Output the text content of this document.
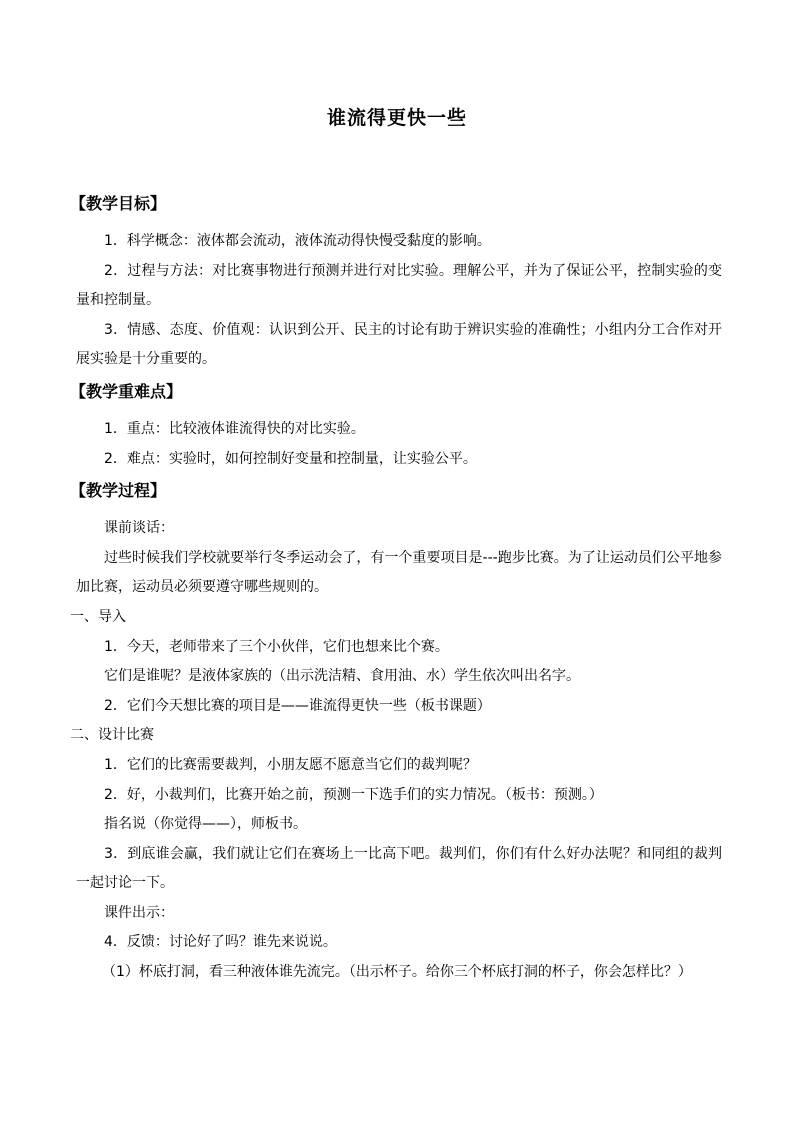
谁流得更快一些

【教学目标】

1．科学概念：液体都会流动，液体流动得快慢受黏度的影响。

2．过程与方法：对比赛事物进行预测并进行对比实验。理解公平，并为了保证公平，控制实验的变量和控制量。

3．情感、态度、价值观：认识到公开、民主的讨论有助于辨识实验的准确性；小组内分工合作对开展实验是十分重要的。

【教学重难点】

1．重点：比较液体谁流得快的对比实验。

2．难点：实验时，如何控制好变量和控制量，让实验公平。

【教学过程】

课前谈话：

过些时候我们学校就要举行冬季运动会了，有一个重要项目是---跑步比赛。为了让运动员们公平地参加比赛，运动员必须要遵守哪些规则的。

一、导入

1．今天，老师带来了三个小伙伴，它们也想来比个赛。

它们是谁呢？是液体家族的（出示洗洁精、食用油、水）学生依次叫出名字。

2．它们今天想比赛的项目是——谁流得更快一些（板书课题）

二、设计比赛

1．它们的比赛需要裁判，小朋友愿不愿意当它们的裁判呢？

2．好，小裁判们，比赛开始之前，预测一下选手们的实力情况。（板书：预测。）

指名说（你觉得——），师板书。

3．到底谁会赢，我们就让它们在赛场上一比高下吧。裁判们，你们有什么好办法呢？和同组的裁判一起讨论一下。

课件出示：

4．反馈：讨论好了吗？谁先来说说。

（1）杯底打洞，看三种液体谁先流完。（出示杯子。给你三个杯底打洞的杯子，你会怎样比？）
